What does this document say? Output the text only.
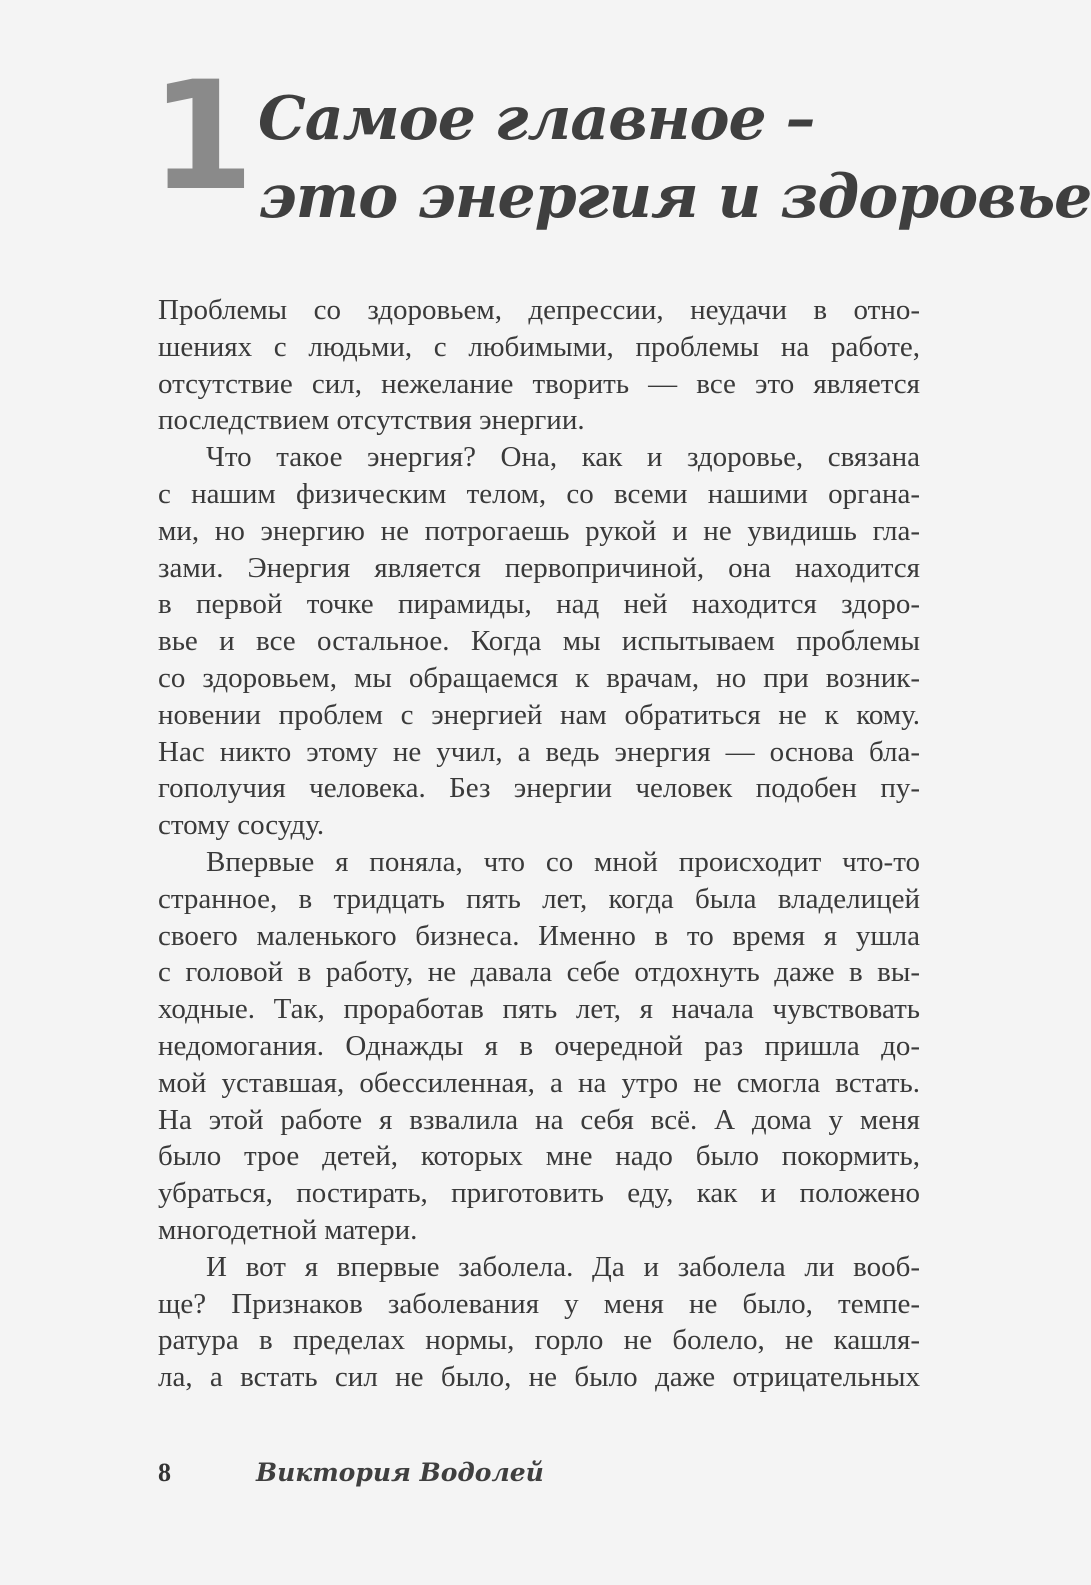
1 Самое главное –
это энергия и здоровье
Проблемы со здоровьем, депрессии, неудачи в отно-
шениях с людьми, с любимыми, проблемы на работе,
отсутствие сил, нежелание творить — все это является
последствием отсутствия энергии.
Что такое энергия? Она, как и здоровье, связана
с нашим физическим телом, со всеми нашими органа-
ми, но энергию не потрогаешь рукой и не увидишь гла-
зами. Энергия является первопричиной, она находится
в первой точке пирамиды, над ней находится здоро-
вье и все остальное. Когда мы испытываем проблемы
со здоровьем, мы обращаемся к врачам, но при возник-
новении проблем с энергией нам обратиться не к кому.
Нас никто этому не учил, а ведь энергия — основа бла-
гополучия человека. Без энергии человек подобен пу-
стому сосуду.
Впервые я поняла, что со мной происходит что-то
странное, в тридцать пять лет, когда была владелицей
своего маленького бизнеса. Именно в то время я ушла
с головой в работу, не давала себе отдохнуть даже в вы-
ходные. Так, проработав пять лет, я начала чувствовать
недомогания. Однажды я в очередной раз пришла до-
мой уставшая, обессиленная, а на утро не смогла встать.
На этой работе я взвалила на себя всё. А дома у меня
было трое детей, которых мне надо было покормить,
убраться, постирать, приготовить еду, как и положено
многодетной матери.
И вот я впервые заболела. Да и заболела ли вооб-
ще? Признаков заболевания у меня не было, темпе-
ратура в пределах нормы, горло не болело, не кашля-
ла, а встать сил не было, не было даже отрицательных
8	Виктория Водолей
